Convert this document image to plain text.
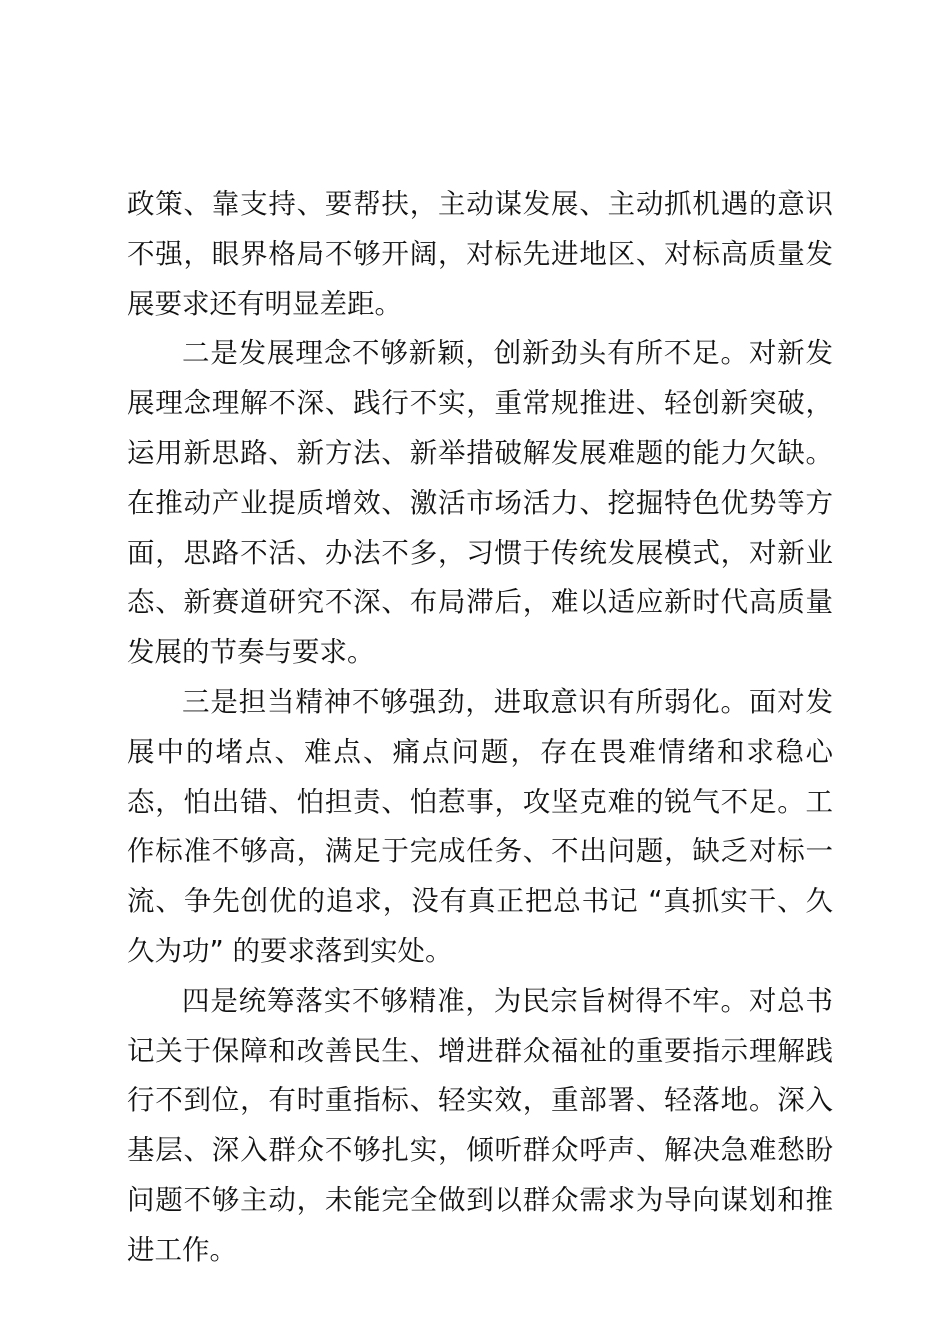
政策、靠支持、要帮扶，主动谋发展、主动抓机遇的意识不强，眼界格局不够开阔，对标先进地区、对标高质量发展要求还有明显差距。

二是发展理念不够新颖，创新劲头有所不足。对新发展理念理解不深、践行不实，重常规推进、轻创新突破，运用新思路、新方法、新举措破解发展难题的能力欠缺。在推动产业提质增效、激活市场活力、挖掘特色优势等方面，思路不活、办法不多，习惯于传统发展模式，对新业态、新赛道研究不深、布局滞后，难以适应新时代高质量发展的节奏与要求。

三是担当精神不够强劲，进取意识有所弱化。面对发展中的堵点、难点、痛点问题，存在畏难情绪和求稳心态，怕出错、怕担责、怕惹事，攻坚克难的锐气不足。工作标准不够高，满足于完成任务、不出问题，缺乏对标一流、争先创优的追求，没有真正把总书记 “真抓实干、久久为功” 的要求落到实处。

四是统筹落实不够精准，为民宗旨树得不牢。对总书记关于保障和改善民生、增进群众福祉的重要指示理解践行不到位，有时重指标、轻实效，重部署、轻落地。深入基层、深入群众不够扎实，倾听群众呼声、解决急难愁盼问题不够主动，未能完全做到以群众需求为导向谋划和推进工作。
